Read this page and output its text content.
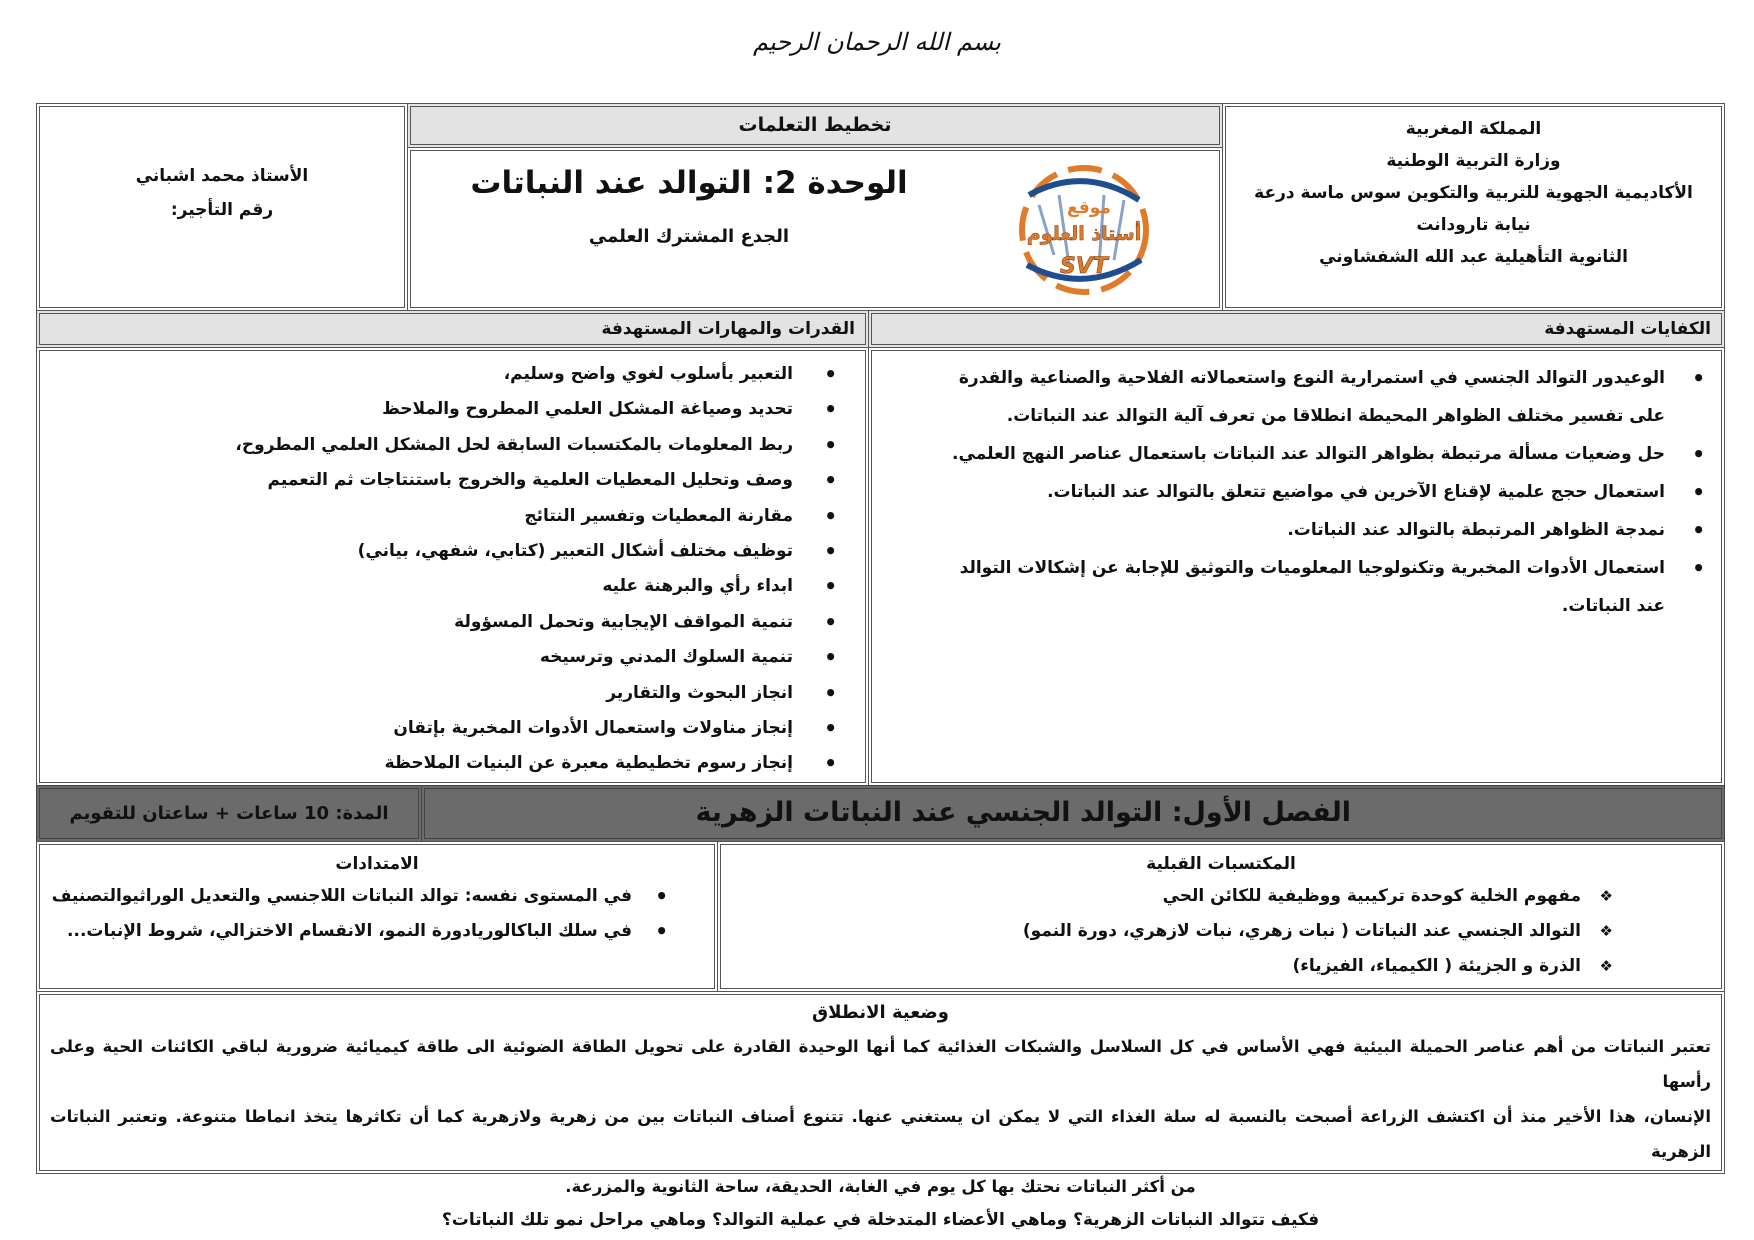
بسم الله الرحمان الرحيم
المملكة المغربية
وزارة التربية الوطنية
الأكاديمية الجهوية للتربية والتكوين سوس ماسة درعة
نيابة تارودانت
الثانوية التأهيلية عبد الله الشفشاوني
تخطيط التعلمات
الوحدة 2: التوالد عند النباتات
الجدع المشترك العلمي
موقع
أستاذ العلوم
SVT
الأستاذ محمد اشباني
رقم التأجير:
الكفايات المستهدفة
القدرات والمهارات المستهدفة
• الوعيدور التوالد الجنسي في استمرارية النوع واستعمالاته الفلاحية والصناعية والقدرة على تفسير مختلف الظواهر المحيطة انطلاقا من تعرف آلية التوالد عند النباتات.
• حل وضعيات مسألة مرتبطة بظواهر التوالد عند النباتات باستعمال عناصر النهج العلمي.
• استعمال حجج علمية لإقناع الآخرين في مواضيع تتعلق بالتوالد عند النباتات.
• نمدجة الظواهر المرتبطة بالتوالد عند النباتات.
• استعمال الأدوات المخبرية وتكنولوجيا المعلوميات والتوثيق للإجابة عن إشكالات التوالد عند النباتات.
• التعبير بأسلوب لغوي واضح وسليم،
• تحديد وصياغة المشكل العلمي المطروح والملاحظ
• ربط المعلومات بالمكتسبات السابقة لحل المشكل العلمي المطروح،
• وصف وتحليل المعطيات العلمية والخروج باستنتاجات ثم التعميم
• مقارنة المعطيات وتفسير النتائج
• توظيف مختلف أشكال التعبير (كتابي، شفهي، بياني)
• ابداء رأي والبرهنة عليه
• تنمية المواقف الإيجابية وتحمل المسؤولة
• تنمية السلوك المدني وترسيخه
• انجاز البحوث والتقارير
• إنجاز مناولات واستعمال الأدوات المخبرية بإتقان
• إنجاز رسوم تخطيطية معبرة عن البنيات الملاحظة
الفصل الأول: التوالد الجنسي عند النباتات الزهرية
المدة: 10 ساعات + ساعتان للتقويم
المكتسبات القبلية
❖ مفهوم الخلية كوحدة تركيبية ووظيفية للكائن الحي
❖ التوالد الجنسي عند النباتات ( نبات زهري، نبات لازهري، دورة النمو)
❖ الذرة و الجزيئة ( الكيمياء، الفيزياء)
الامتدادات
• في المستوى نفسه: توالد النباتات اللاجنسي والتعديل الوراثيوالتصنيف
• في سلك الباكالوريادورة النمو، الانقسام الاختزالي، شروط الإنبات...
وضعية الانطلاق
تعتبر النباتات من أهم عناصر الحميلة البيئية فهي الأساس في كل السلاسل والشبكات الغذائية كما أنها الوحيدة القادرة على تحويل الطاقة الضوئية الى طاقة كيميائية ضرورية لباقي الكائنات الحية وعلى رأسها
الإنسان، هذا الأخير منذ أن اكتشف الزراعة أصبحت بالنسبة له سلة الغذاء التي لا يمكن ان يستغني عنها. تتنوع أصناف النباتات بين من زهرية ولازهرية كما أن تكاثرها يتخذ انماطا متنوعة. وتعتبر النباتات الزهرية
من أكثر النباتات نحتك بها كل يوم في الغابة، الحديقة، ساحة الثانوية والمزرعة.
فكيف تتوالد النباتات الزهرية؟ وماهي الأعضاء المتدخلة في عملية التوالد؟ وماهي مراحل نمو تلك النباتات؟
